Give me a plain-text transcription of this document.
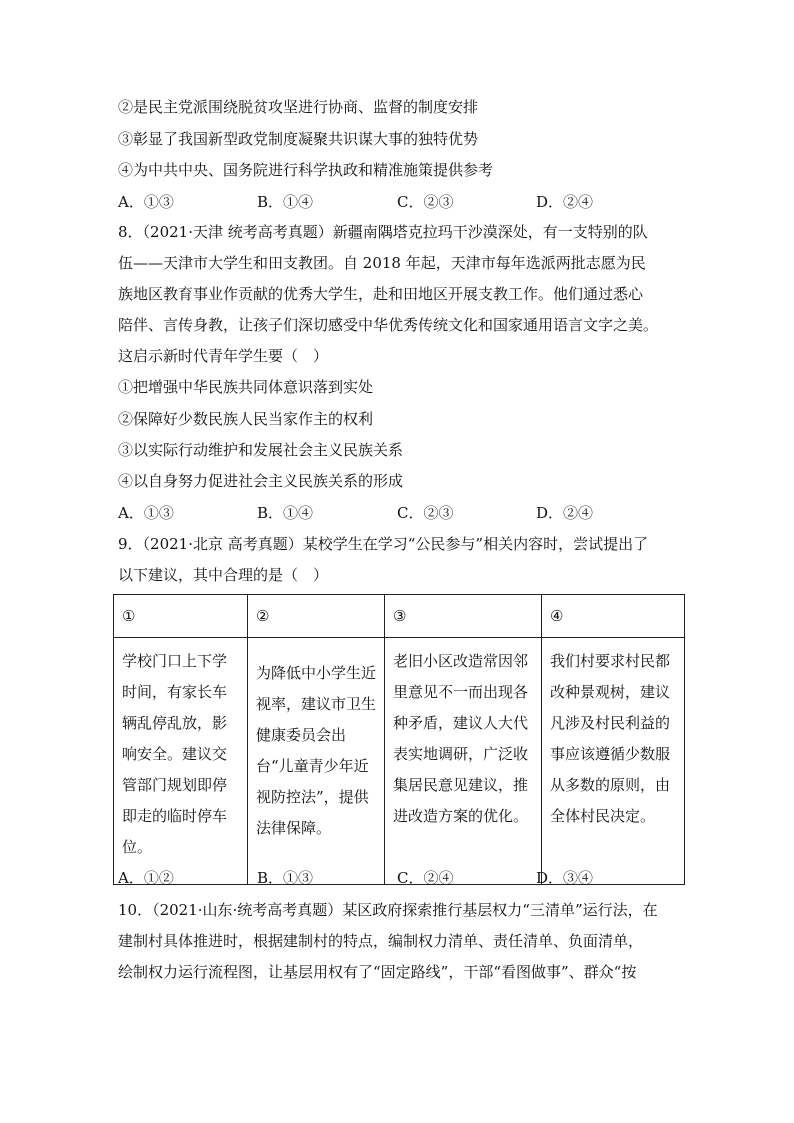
②是民主党派围绕脱贫攻坚进行协商、监督的制度安排
③彰显了我国新型政党制度凝聚共识谋大事的独特优势
④为中共中央、国务院进行科学执政和精准施策提供参考
A．①③	B．①④	C．②③	D．②④
8．（2021·天津 统考高考真题）新疆南隅塔克拉玛干沙漠深处，有一支特别的队
伍——天津市大学生和田支教团。自 2018 年起，天津市每年选派两批志愿为民
族地区教育事业作贡献的优秀大学生，赴和田地区开展支教工作。他们通过悉心
陪伴、言传身教，让孩子们深切感受中华优秀传统文化和国家通用语言文字之美。
这启示新时代青年学生要（　）
①把增强中华民族共同体意识落到实处
②保障好少数民族人民当家作主的权利
③以实际行动维护和发展社会主义民族关系
④以自身努力促进社会主义民族关系的形成
A．①③	B．①④	C．②③	D．②④
9．（2021·北京 高考真题）某校学生在学习“公民参与”相关内容时，尝试提出了
以下建议，其中合理的是（　）
①	②	③	④

学校门口上下学时间，有家长车辆乱停乱放，影响安全。建议交管部门规划即停即走的临时停车位。	为降低中小学生近视率，建议市卫生健康委员会出台“儿童青少年近视防控法”，提供法律保障。	老旧小区改造常因邻里意见不一而出现各种矛盾，建议人大代表实地调研，广泛收集居民意见建议，推进改造方案的优化。	我们村要求村民都改种景观树，建议凡涉及村民利益的事应该遵循少数服从多数的原则，由全体村民决定。
A．①②	B．①③	C．②④	D．③④
10．（2021·山东·统考高考真题）某区政府探索推行基层权力“三清单”运行法，在
建制村具体推进时，根据建制村的特点，编制权力清单、责任清单、负面清单，
绘制权力运行流程图，让基层用权有了“固定路线”，干部“看图做事”、群众“按
